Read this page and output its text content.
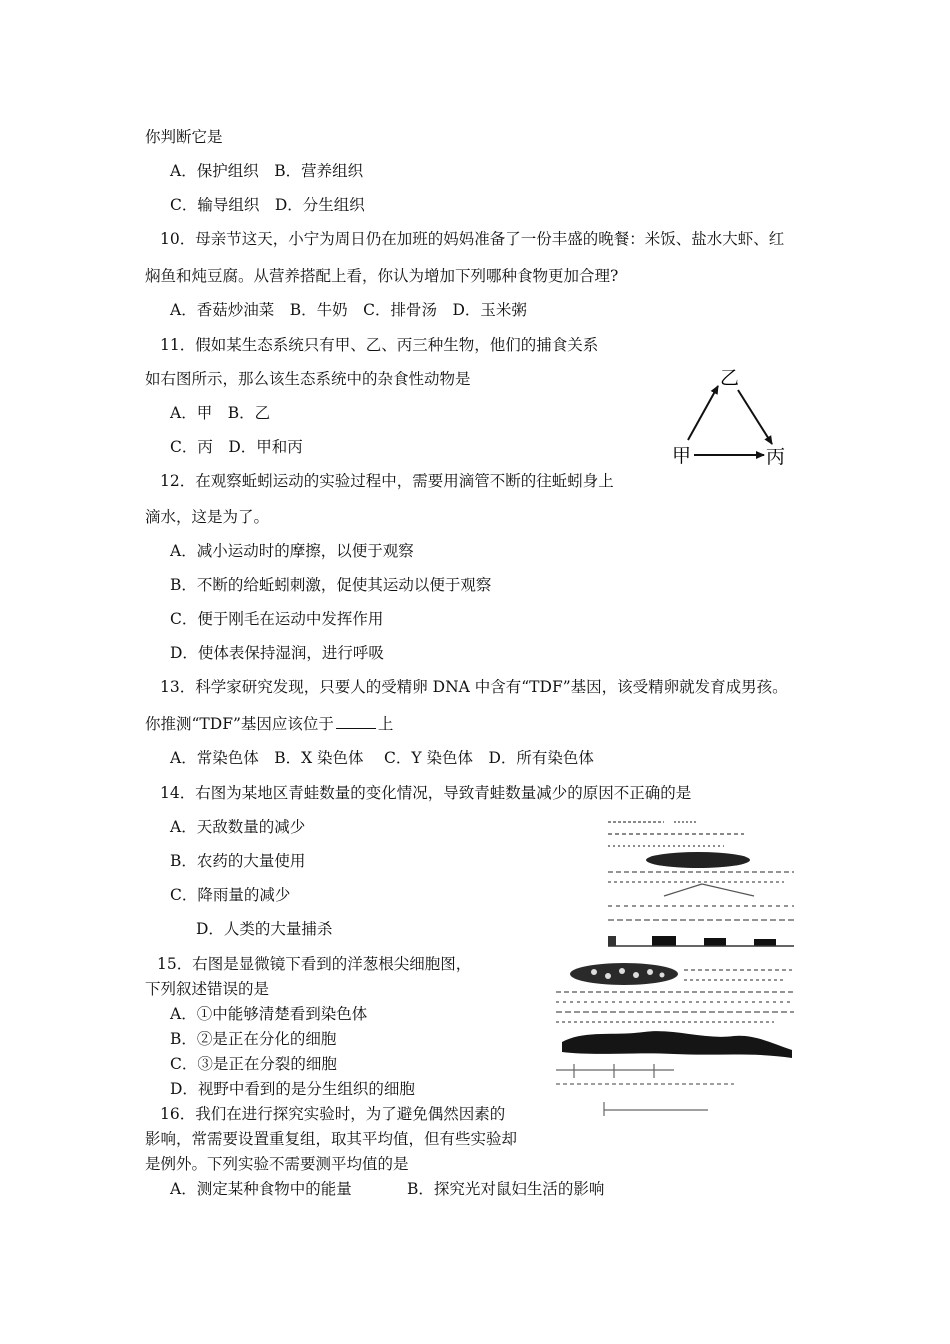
你判断它是
A．保护组织　B．营养组织
C．输导组织　D．分生组织
10．母亲节这天，小宁为周日仍在加班的妈妈准备了一份丰盛的晚餐：米饭、盐水大虾、红
焖鱼和炖豆腐。从营养搭配上看，你认为增加下列哪种食物更加合理?
A．香菇炒油菜　B．牛奶　C．排骨汤　D．玉米粥
11．假如某生态系统只有甲、乙、丙三种生物，他们的捕食关系
如右图所示，那么该生态系统中的杂食性动物是
A．甲　B．乙
C．丙　D．甲和丙
乙
甲	丙
12．在观察蚯蚓运动的实验过程中，需要用滴管不断的往蚯蚓身上
滴水，这是为了。
A．减小运动时的摩擦，以便于观察
B．不断的给蚯蚓刺激，促使其运动以便于观察
C．便于刚毛在运动中发挥作用
D．使体表保持湿润，进行呼吸
13．科学家研究发现，只要人的受精卵 DNA 中含有“TDF”基因，该受精卵就发育成男孩。
你推测“TDF”基因应该位于	上
A．常染色体　B．X 染色体　 C．Y 染色体　D．所有染色体
14．右图为某地区青蛙数量的变化情况，导致青蛙数量减少的原因不正确的是
A．天敌数量的减少
B．农药的大量使用
C．降雨量的减少
D．人类的大量捕杀
15．右图是显微镜下看到的洋葱根尖细胞图，
下列叙述错误的是
A．①中能够清楚看到染色体
B．②是正在分化的细胞
C．③是正在分裂的细胞
D．视野中看到的是分生组织的细胞
16．我们在进行探究实验时，为了避免偶然因素的
影响，常需要设置重复组，取其平均值，但有些实验却
是例外。下列实验不需要测平均值的是
A．测定某种食物中的能量	B．探究光对鼠妇生活的影响
